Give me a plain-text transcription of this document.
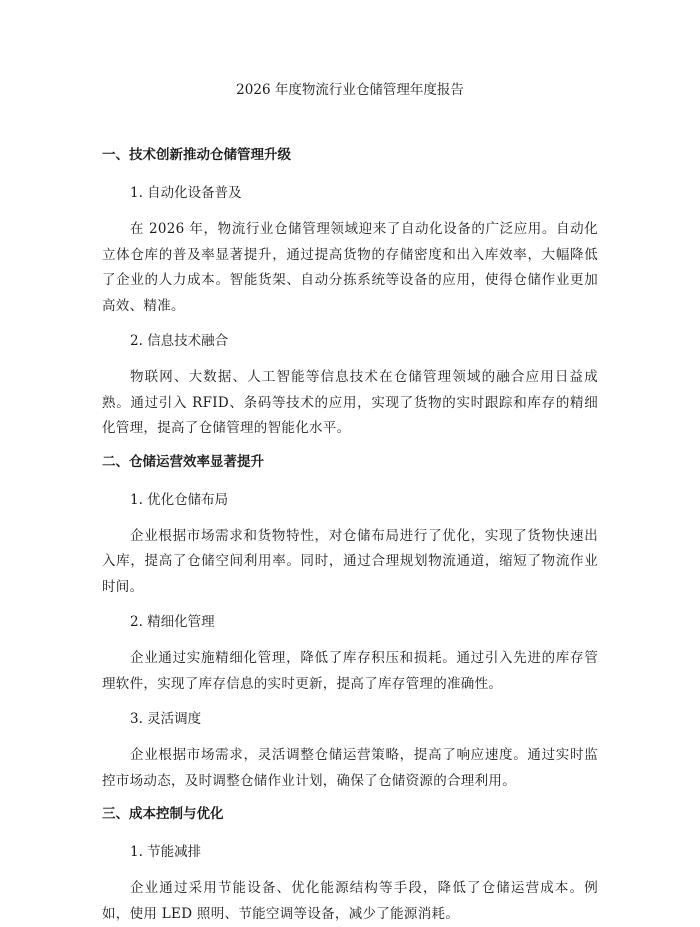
2026 年度物流行业仓储管理年度报告
一、技术创新推动仓储管理升级

1. 自动化设备普及

在 2026 年，物流行业仓储管理领域迎来了自动化设备的广泛应用。自动化立体仓库的普及率显著提升，通过提高货物的存储密度和出入库效率，大幅降低了企业的人力成本。智能货架、自动分拣系统等设备的应用，使得仓储作业更加高效、精准。

2. 信息技术融合

物联网、大数据、人工智能等信息技术在仓储管理领域的融合应用日益成熟。通过引入 RFID、条码等技术的应用，实现了货物的实时跟踪和库存的精细化管理，提高了仓储管理的智能化水平。

二、仓储运营效率显著提升

1. 优化仓储布局

企业根据市场需求和货物特性，对仓储布局进行了优化，实现了货物快速出入库，提高了仓储空间利用率。同时，通过合理规划物流通道，缩短了物流作业时间。

2. 精细化管理

企业通过实施精细化管理，降低了库存积压和损耗。通过引入先进的库存管理软件，实现了库存信息的实时更新，提高了库存管理的准确性。

3. 灵活调度

企业根据市场需求，灵活调整仓储运营策略，提高了响应速度。通过实时监控市场动态，及时调整仓储作业计划，确保了仓储资源的合理利用。

三、成本控制与优化

1. 节能减排

企业通过采用节能设备、优化能源结构等手段，降低了仓储运营成本。例如，使用 LED 照明、节能空调等设备，减少了能源消耗。
